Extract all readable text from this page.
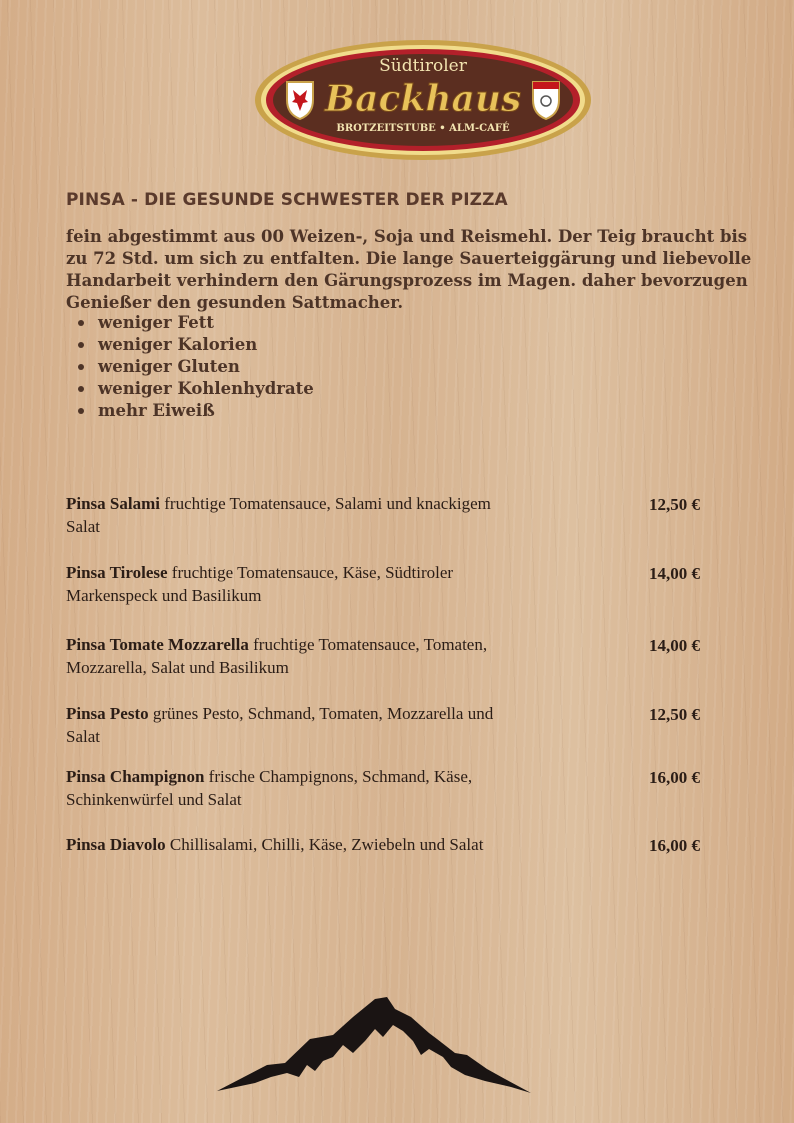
Südtiroler
Backhaus
BROTZEITSTUBE • ALM-CAFÉ
PINSA - DIE GESUNDE SCHWESTER DER PIZZA

fein abgestimmt aus 00 Weizen-, Soja und Reismehl. Der Teig braucht bis zu 72 Std. um sich zu entfalten. Die lange Sauerteiggärung und liebevolle Handarbeit verhindern den Gärungsprozess im Magen. daher bevorzugen Genießer den gesunden Sattmacher.

weniger Fett
weniger Kalorien
weniger Gluten
weniger Kohlenhydrate
mehr Eiweiß
Pinsa Salami fruchtige Tomatensauce, Salami und knackigem Salat
12,50 €
Pinsa Tirolese fruchtige Tomatensauce, Käse, Südtiroler Markenspeck und Basilikum
14,00 €
Pinsa Tomate Mozzarella fruchtige Tomatensauce, Tomaten, Mozzarella, Salat und Basilikum
14,00 €
Pinsa Pesto grünes Pesto, Schmand, Tomaten, Mozzarella und Salat
12,50 €
Pinsa Champignon frische Champignons, Schmand, Käse, Schinkenwürfel und Salat
16,00 €
Pinsa Diavolo Chillisalami, Chilli, Käse, Zwiebeln und Salat	16,00 €
